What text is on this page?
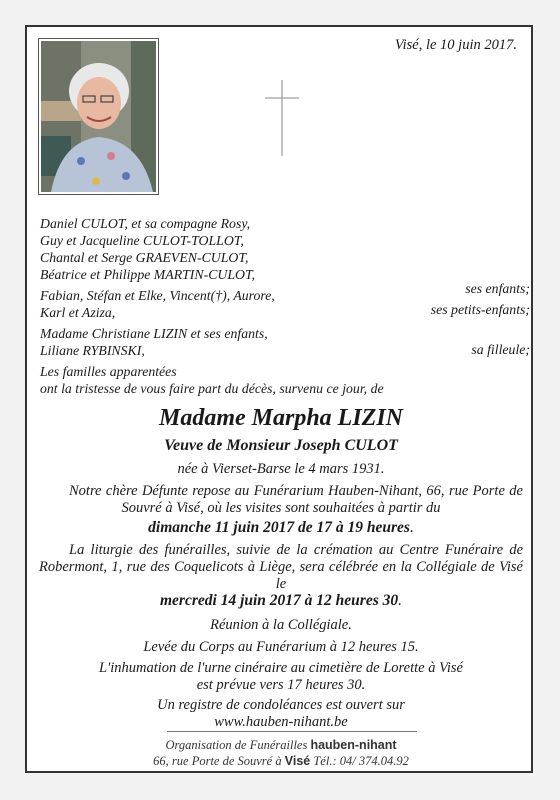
Visé, le 10 juin 2017.
Daniel CULOT, et sa compagne Rosy,
Guy et Jacqueline CULOT-TOLLOT,
Chantal et Serge GRAEVEN-CULOT,
Béatrice et Philippe MARTIN-CULOT,
ses enfants;
Fabian, Stéfan et Elke, Vincent(†), Aurore,
Karl et Aziza,	ses petits-enfants;
Madame Christiane LIZIN et ses enfants,
Liliane RYBINSKI,	sa filleule;
Les familles apparentées
ont la tristesse de vous faire part du décès, survenu ce jour, de
Madame Marpha LIZIN
Veuve de Monsieur Joseph CULOT
née à Vierset-Barse le 4 mars 1931.
Notre chère Défunte repose au Funérarium Hauben-Nihant, 66, rue Porte de Souvré à Visé, où les visites sont souhaitées à partir du
dimanche 11 juin 2017 de 17 à 19 heures.
La liturgie des funérailles, suivie de la crémation au Centre Funéraire de Robermont, 1, rue des Coquelicots à Liège, sera célébrée en la Collégiale de Visé le
mercredi 14 juin 2017 à 12 heures 30.
Réunion à la Collégiale.
Levée du Corps au Funérarium à 12 heures 15.
L'inhumation de l'urne cinéraire au cimetière de Lorette à Visé
est prévue vers 17 heures 30.
Un registre de condoléances est ouvert sur
www.hauben-nihant.be
Organisation de Funérailles hauben-nihant
66, rue Porte de Souvré à Visé Tél.: 04/ 374.04.92
